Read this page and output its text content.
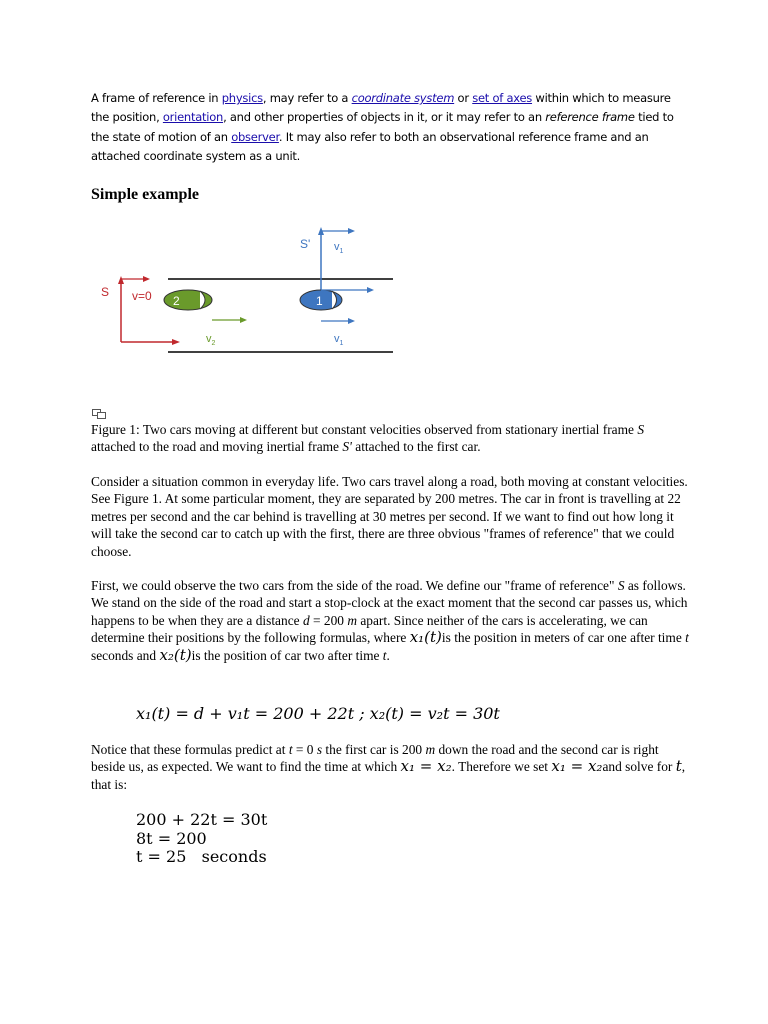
A frame of reference in physics, may refer to a coordinate system or set of axes within which to measure the position, orientation, and other properties of objects in it, or it may refer to an reference frame tied to the state of motion of an observer. It may also refer to both an observational reference frame and an attached coordinate system as a unit.
Simple example
S v=0 2
$v_2$
S' $v_1$
1
$v_1$

Figure 1: Two cars moving at different but constant velocities observed from stationary inertial frame S attached to the road and moving inertial frame S' attached to the first car.

Consider a situation common in everyday life. Two cars travel along a road, both moving at constant velocities. See Figure 1. At some particular moment, they are separated by 200 metres. The car in front is travelling at 22 metres per second and the car behind is travelling at 30 metres per second. If we want to find out how long it will take the second car to catch up with the first, there are three obvious "frames of reference" that we could choose.

First, we could observe the two cars from the side of the road. We define our "frame of reference" S as follows. We stand on the side of the road and start a stop-clock at the exact moment that the second car passes us, which happens to be when they are a distance d = 200 m apart. Since neither of the cars is accelerating, we can determine their positions by the following formulas, where x₁(t)is the position in meters of car one after time t seconds and x₂(t)is the position of car two after time t.

x₁(t) = d + v₁t = 200 + 22t ; x₂(t) = v₂t = 30t

Notice that these formulas predict at t = 0 s the first car is 200 m down the road and the second car is right beside us, as expected. We want to find the time at which x₁ = x₂. Therefore we set x₁ = x₂and solve for t, that is:

200 + 22t = 30t
8t = 200
t = 25   seconds
